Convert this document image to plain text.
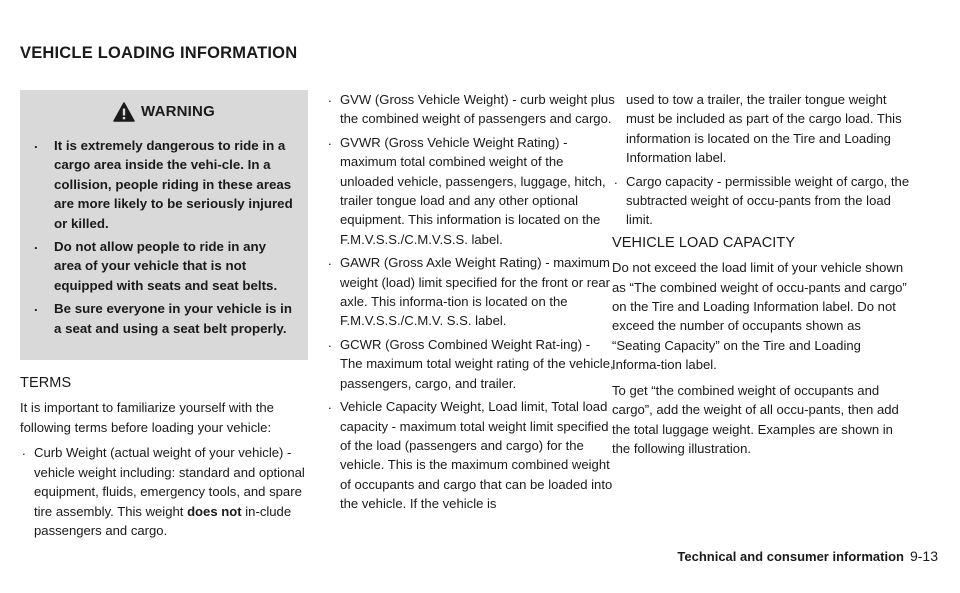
VEHICLE LOADING INFORMATION
WARNING
. It is extremely dangerous to ride in a cargo area inside the vehi-cle. In a collision, people riding in these areas are more likely to be seriously injured or killed.
. Do not allow people to ride in any area of your vehicle that is not equipped with seats and seat belts.
. Be sure everyone in your vehicle is in a seat and using a seat belt properly.
TERMS

It is important to familiarize yourself with the following terms before loading your vehicle:

. Curb Weight (actual weight of your vehicle) - vehicle weight including: standard and optional equipment, fluids, emergency tools, and spare tire assembly. This weight does not in-clude passengers and cargo.
. GVW (Gross Vehicle Weight) - curb weight plus the combined weight of passengers and cargo.
. GVWR (Gross Vehicle Weight Rating) - maximum total combined weight of the unloaded vehicle, passengers, luggage, hitch, trailer tongue load and any other optional equipment. This information is located on the F.M.V.S.S./C.M.V.S.S. label.
. GAWR (Gross Axle Weight Rating) - maximum weight (load) limit specified for the front or rear axle. This informa-tion is located on the F.M.V.S.S./C.M.V. S.S. label.
. GCWR (Gross Combined Weight Rat-ing) - The maximum total weight rating of the vehicle, passengers, cargo, and trailer.
. Vehicle Capacity Weight, Load limit, Total load capacity - maximum total weight limit specified of the load (passengers and cargo) for the vehicle. This is the maximum combined weight of occupants and cargo that can be loaded into the vehicle. If the vehicle is
used to tow a trailer, the trailer tongue weight must be included as part of the cargo load. This information is located on the Tire and Loading Information label.
. Cargo capacity - permissible weight of cargo, the subtracted weight of occu-pants from the load limit.
VEHICLE LOAD CAPACITY

Do not exceed the load limit of your vehicle shown as “The combined weight of occu-pants and cargo” on the Tire and Loading Information label. Do not exceed the number of occupants shown as “Seating Capacity” on the Tire and Loading Informa-tion label.

To get “the combined weight of occupants and cargo”, add the weight of all occu-pants, then add the total luggage weight. Examples are shown in the following illustration.

Technical and consumer information 9-13
